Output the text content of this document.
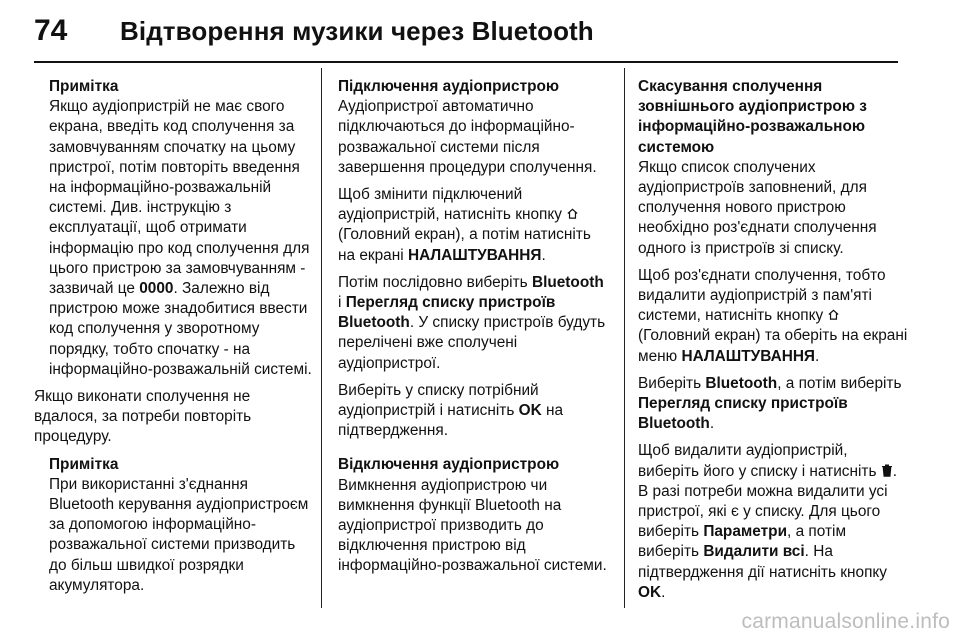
74	Відтворення музики через Bluetooth
Примітка
Якщо аудіопристрій не має свого екрана, введіть код сполучення за замовчуванням спочатку на цьому пристрої, потім повторіть введення на інформаційно-розважальній системі. Див. інструкцію з експлуатації, щоб отримати інформацію про код сполучення для цього пристрою за замовчуванням - зазвичай це 0000. Залежно від пристрою може знадобитися ввести код сполучення у зворотному порядку, тобто спочатку - на інформаційно-розважальній системі.

Якщо виконати сполучення не вдалося, за потреби повторіть процедуру.

Примітка
При використанні з'єднання Bluetooth керування аудіопристроєм за допомогою інформаційно-розважальної системи призводить до більш швидкої розрядки акумулятора.
Підключення аудіопристрою

Аудіопристрої автоматично підключаються до інформаційно-розважальної системи після завершення процедури сполучення.

Щоб змінити підключений аудіопристрій, натисніть кнопку  (Головний екран), а потім натисніть на екрані НАЛАШТУВАННЯ.

Потім послідовно виберіть Bluetooth і Перегляд списку пристроїв Bluetooth. У списку пристроїв будуть перелічені вже сполучені аудіопристрої.

Виберіть у списку потрібний аудіопристрій і натисніть OK на підтвердження.

Відключення аудіопристрою

Вимкнення аудіопристрою чи вимкнення функції Bluetooth на аудіопристрої призводить до відключення пристрою від інформаційно-розважальної системи.

Скасування сполучення зовнішнього аудіопристрою з інформаційно-розважальною системою

Якщо список сполучених аудіопристроїв заповнений, для сполучення нового пристрою необхідно роз'єднати сполучення одного із пристроїв зі списку.

Щоб роз'єднати сполучення, тобто видалити аудіопристрій з пам'яті системи, натисніть кнопку  (Головний екран) та оберіть на екрані меню НАЛАШТУВАННЯ.

Виберіть Bluetooth, а потім виберіть Перегляд списку пристроїв Bluetooth.

Щоб видалити аудіопристрій, виберіть його у списку і натисніть . В разі потреби можна видалити усі пристрої, які є у списку. Для цього виберіть Параметри, а потім виберіть Видалити всі. На підтвердження дії натисніть кнопку OK.

carmanualsonline.info
